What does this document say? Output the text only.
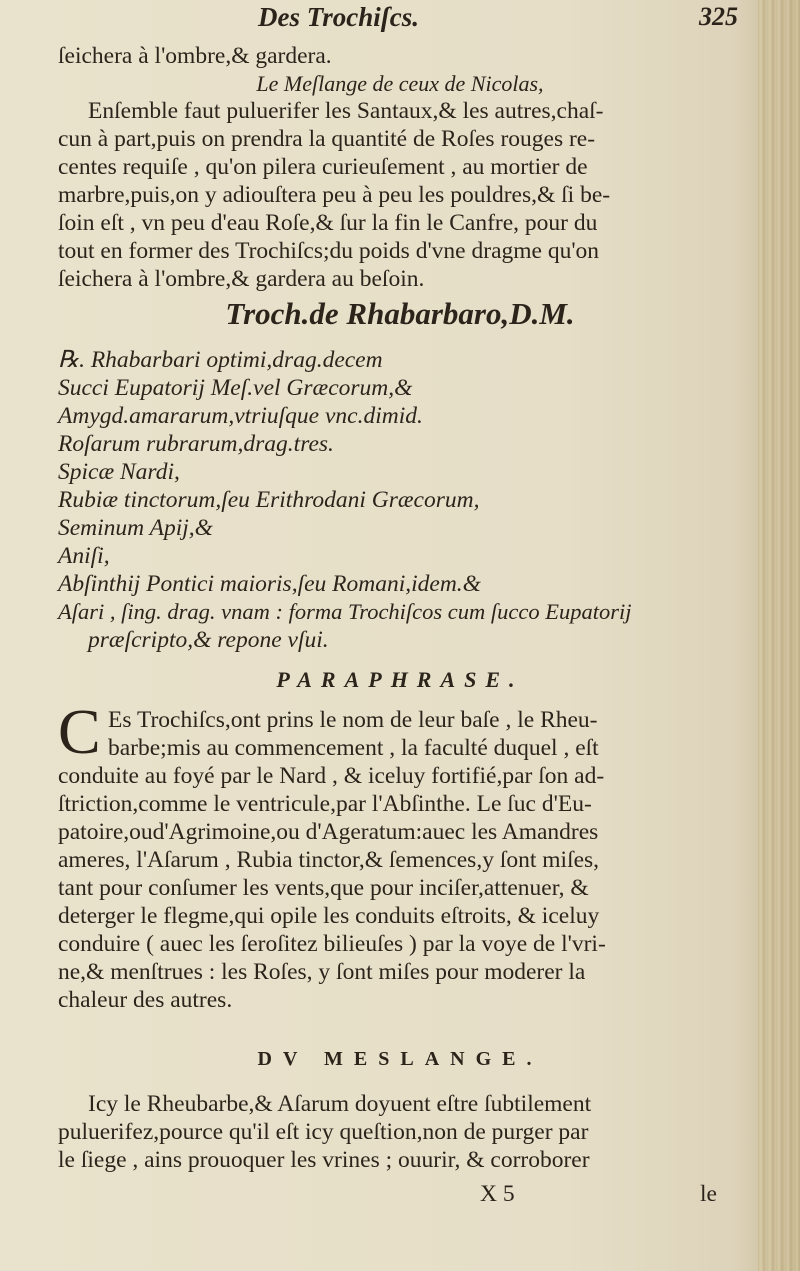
Des Trochiſcs.	325
ſeichera à l'ombre,& gardera.
Le Meſlange de ceux de Nicolas,
Enſemble faut puluerifer les Santaux,& les autres,chaſ-
cun à part,puis on prendra la quantité de Roſes rouges re-
centes requiſe , qu'on pilera curieuſement , au mortier de
marbre,puis,on y adiouſtera peu à peu les pouldres,& ſi be-
ſoin eſt , vn peu d'eau Roſe,& ſur la fin le Canfre, pour du
tout en former des Trochiſcs;du poids d'vne dragme qu'on
ſeichera à l'ombre,& gardera au beſoin.
Troch.de Rhabarbaro,D.M.
℞. Rhabarbari optimi,drag.decem
Succi Eupatorij Meſ.vel Græcorum,&
Amygd.amararum,vtriuſque vnc.dimid.
Roſarum rubrarum,drag.tres.
Spicæ Nardi,
Rubiæ tinctorum,ſeu Erithrodani Græcorum,
Seminum Apij,&
Aniſi,
Abſinthij Pontici maioris,ſeu Romani,idem.&
Aſari , ſing. drag. vnam : forma Trochiſcos cum ſucco Eupatorij
præſcripto,& repone vſui.
PARAPHRASE.
C Es Trochiſcs,ont prins le nom de leur baſe , le Rheu-
barbe;mis au commencement , la faculté duquel , eſt
conduite au foyé par le Nard , & iceluy fortifié,par ſon ad-
ſtriction,comme le ventricule,par l'Abſinthe. Le ſuc d'Eu-
patoire,oud'Agrimoine,ou d'Ageratum:auec les Amandres
ameres, l'Aſarum , Rubia tinctor,& ſemences,y ſont miſes,
tant pour conſumer les vents,que pour inciſer,attenuer, &
deterger le flegme,qui opile les conduits eſtroits, & iceluy
conduire ( auec les ſeroſitez bilieuſes ) par la voye de l'vri-
ne,& menſtrues : les Roſes, y ſont miſes pour moderer la
chaleur des autres.
DV MESLANGE.
Icy le Rheubarbe,& Aſarum doyuent eſtre ſubtilement
puluerifez,pource qu'il eſt icy queſtion,non de purger par
le ſiege , ains prouoquer les vrines ; ouurir, & corroborer
X 5	le
